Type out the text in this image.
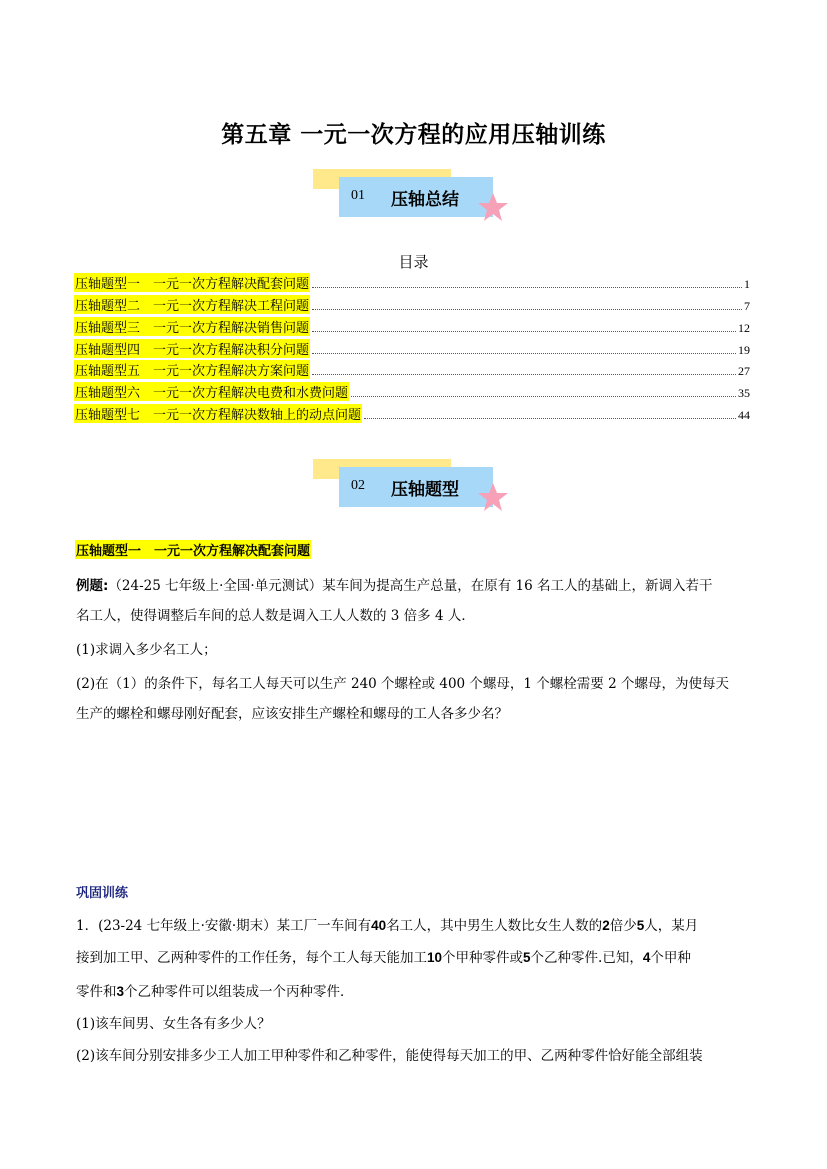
第五章 一元一次方程的应用压轴训练
01 压轴总结
目录
压轴题型一　一元一次方程解决配套问题	1
压轴题型二　一元一次方程解决工程问题	7
压轴题型三　一元一次方程解决销售问题	12
压轴题型四　一元一次方程解决积分问题	19
压轴题型五　一元一次方程解决方案问题	27
压轴题型六　一元一次方程解决电费和水费问题	35
压轴题型七　一元一次方程解决数轴上的动点问题	44
02 压轴题型
压轴题型一　一元一次方程解决配套问题
例题:（24-25 七年级上·全国·单元测试）某车间为提高生产总量，在原有 16 名工人的基础上，新调入若干
名工人，使得调整后车间的总人数是调入工人人数的 3 倍多 4 人．
(1)求调入多少名工人；
(2)在（1）的条件下，每名工人每天可以生产 240 个螺栓或 400 个螺母，1 个螺栓需要 2 个螺母，为使每天
生产的螺栓和螺母刚好配套，应该安排生产螺栓和螺母的工人各多少名？
巩固训练
1．(23-24 七年级上·安徽·期末）某工厂一车间有40名工人，其中男生人数比女生人数的2倍少5人，某月
接到加工甲、乙两种零件的工作任务，每个工人每天能加工10个甲种零件或5个乙种零件.已知，4个甲种
零件和3个乙种零件可以组装成一个丙种零件．
(1)该车间男、女生各有多少人？
(2)该车间分别安排多少工人加工甲种零件和乙种零件，能使得每天加工的甲、乙两种零件恰好能全部组装
